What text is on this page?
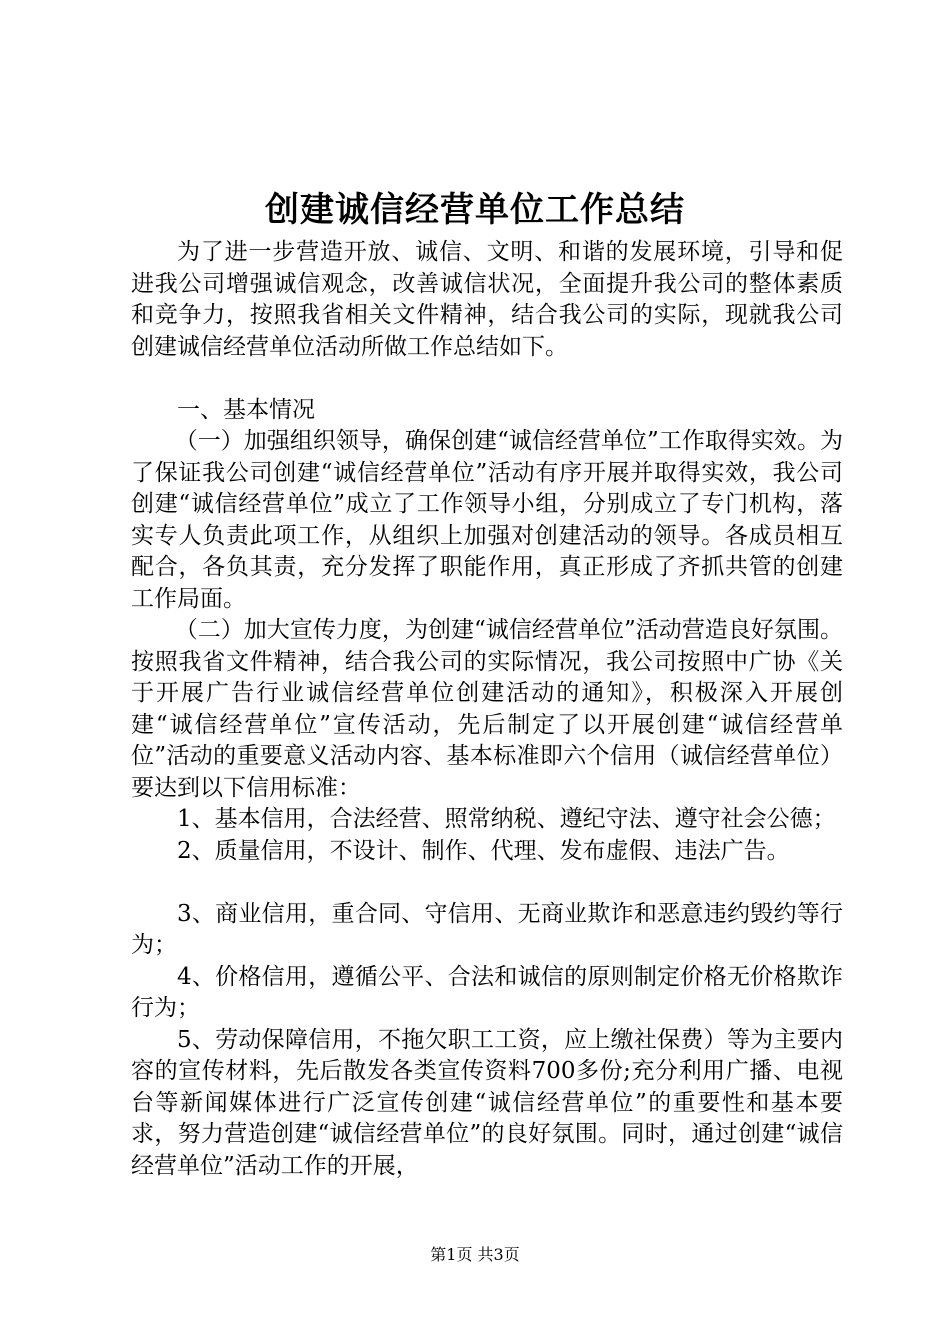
创建诚信经营单位工作总结

为了进一步营造开放、诚信、文明、和谐的发展环境，引导和促进我公司增强诚信观念，改善诚信状况，全面提升我公司的整体素质和竞争力，按照我省相关文件精神，结合我公司的实际，现就我公司创建诚信经营单位活动所做工作总结如下。

一、基本情况

（一）加强组织领导，确保创建“诚信经营单位”工作取得实效。为了保证我公司创建“诚信经营单位”活动有序开展并取得实效，我公司创建“诚信经营单位”成立了工作领导小组，分别成立了专门机构，落实专人负责此项工作，从组织上加强对创建活动的领导。各成员相互配合，各负其责，充分发挥了职能作用，真正形成了齐抓共管的创建工作局面。

（二）加大宣传力度，为创建“诚信经营单位”活动营造良好氛围。按照我省文件精神，结合我公司的实际情况，我公司按照中广协《关于开展广告行业诚信经营单位创建活动的通知》，积极深入开展创建“诚信经营单位”宣传活动，先后制定了以开展创建“诚信经营单位”活动的重要意义活动内容、基本标准即六个信用（诚信经营单位）要达到以下信用标准：

1、基本信用，合法经营、照常纳税、遵纪守法、遵守社会公德；

2、质量信用，不设计、制作、代理、发布虚假、违法广告。

3、商业信用，重合同、守信用、无商业欺诈和恶意违约毁约等行为；

4、价格信用，遵循公平、合法和诚信的原则制定价格无价格欺诈行为；

5、劳动保障信用，不拖欠职工工资，应上缴社保费）等为主要内容的宣传材料，先后散发各类宣传资料700多份;充分利用广播、电视台等新闻媒体进行广泛宣传创建“诚信经营单位”的重要性和基本要求，努力营造创建“诚信经营单位”的良好氛围。同时，通过创建“诚信经营单位”活动工作的开展，

第1页 共3页
